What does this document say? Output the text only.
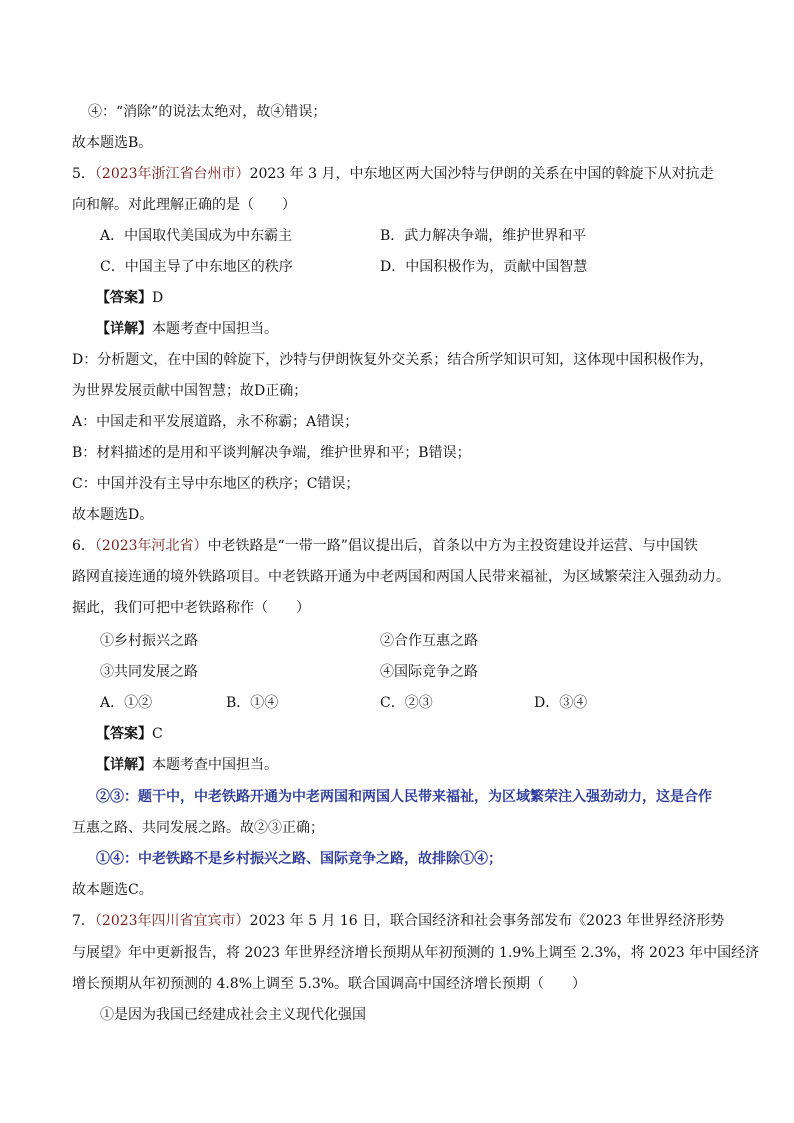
④：“消除”的说法太绝对，故④错误；
故本题选B。
5．（2023年浙江省台州市）2023 年 3 月，中东地区两大国沙特与伊朗的关系在中国的斡旋下从对抗走
向和解。对此理解正确的是（　　）
A．中国取代美国成为中东霸主	B．武力解决争端，维护世界和平
C．中国主导了中东地区的秩序	D．中国积极作为，贡献中国智慧
【答案】D
【详解】本题考查中国担当。
D：分析题文，在中国的斡旋下，沙特与伊朗恢复外交关系；结合所学知识可知，这体现中国积极作为，
为世界发展贡献中国智慧；故D正确；
A：中国走和平发展道路，永不称霸；A错误；
B：材料描述的是用和平谈判解决争端，维护世界和平；B错误；
C：中国并没有主导中东地区的秩序；C错误；
故本题选D。
6．（2023年河北省）中老铁路是“一带一路”倡议提出后，首条以中方为主投资建设并运营、与中国铁
路网直接连通的境外铁路项目。中老铁路开通为中老两国和两国人民带来福祉，为区域繁荣注入强劲动力。
据此，我们可把中老铁路称作（　　）
①乡村振兴之路	②合作互惠之路
③共同发展之路	④国际竞争之路
A．①②	B．①④	C．②③	D．③④
【答案】C
【详解】本题考查中国担当。
②③：题干中，中老铁路开通为中老两国和两国人民带来福祉，为区域繁荣注入强劲动力，这是合作
互惠之路、共同发展之路。故②③正确；
①④：中老铁路不是乡村振兴之路、国际竞争之路，故排除①④；
故本题选C。
7．（2023年四川省宜宾市）2023 年 5 月 16 日，联合国经济和社会事务部发布《2023 年世界经济形势
与展望》年中更新报告，将 2023 年世界经济增长预期从年初预测的 1.9%上调至 2.3%，将 2023 年中国经济
增长预期从年初预测的 4.8%上调至 5.3%。联合国调高中国经济增长预期（　　）
①是因为我国已经建成社会主义现代化强国
